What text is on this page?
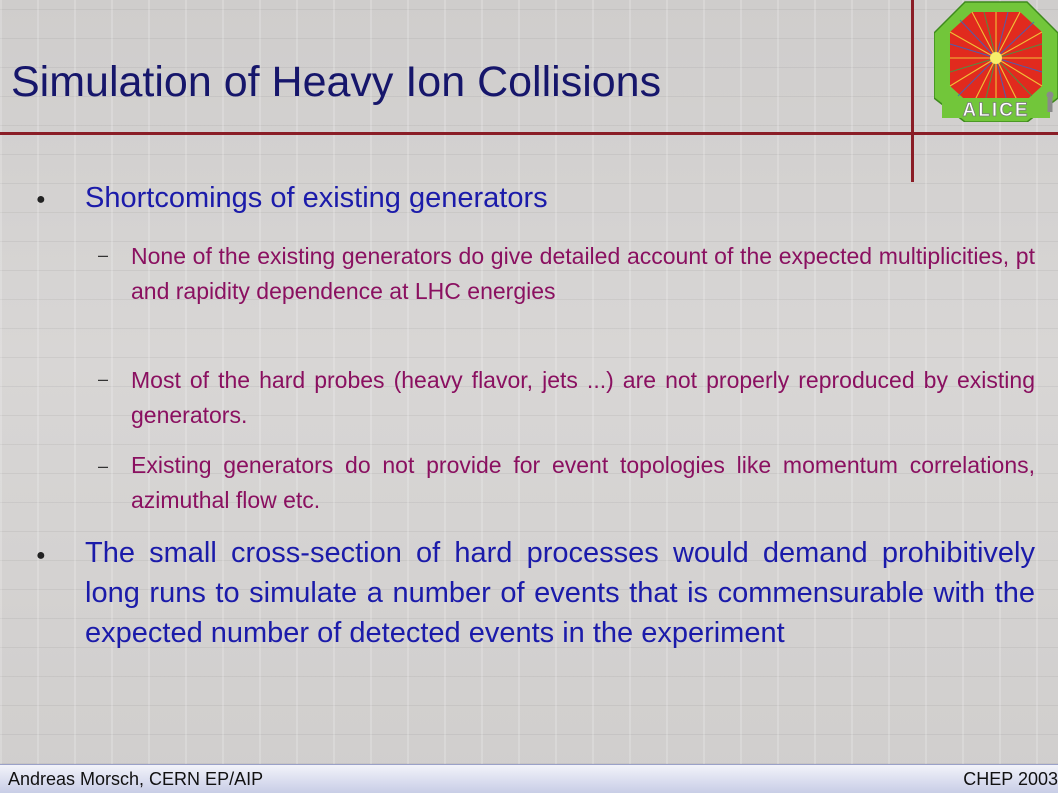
Simulation of Heavy Ion Collisions
ALICE
●	Shortcomings of existing generators
– None of the existing generators do give detailed account of the expected multiplicities, pt and rapidity dependence at LHC energies
– Most of the hard probes (heavy flavor, jets ...) are not properly reproduced by existing generators.
– Existing generators do not provide for event topologies like momentum correlations, azimuthal flow etc.
●	The small cross-section of hard processes would demand prohibitively long runs to simulate a number of events that is commensurable with the expected number of detected events in the experiment
Andreas Morsch, CERN EP/AIP	CHEP 2003
